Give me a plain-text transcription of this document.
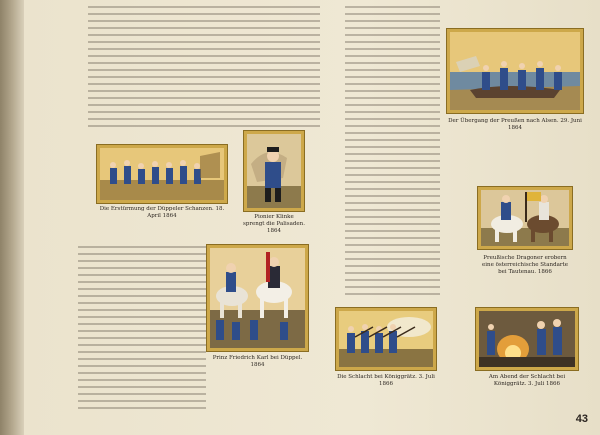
Die Erstürmung der Düppeler Schanzen. 18. April 1864	Pionier Klinke sprengt die Palisaden. 1864
Prinz Friedrich Karl bei Düppel. 1864
Der Übergang der Preußen nach Alsen. 29. Juni 1864
Preußische Dragoner erobern eine österreichische Standarte bei Tautenau. 1866
Die Schlacht bei Königgrätz. 3. Juli 1866
Am Abend der Schlacht bei Königgrätz. 3. Juli 1866
43
